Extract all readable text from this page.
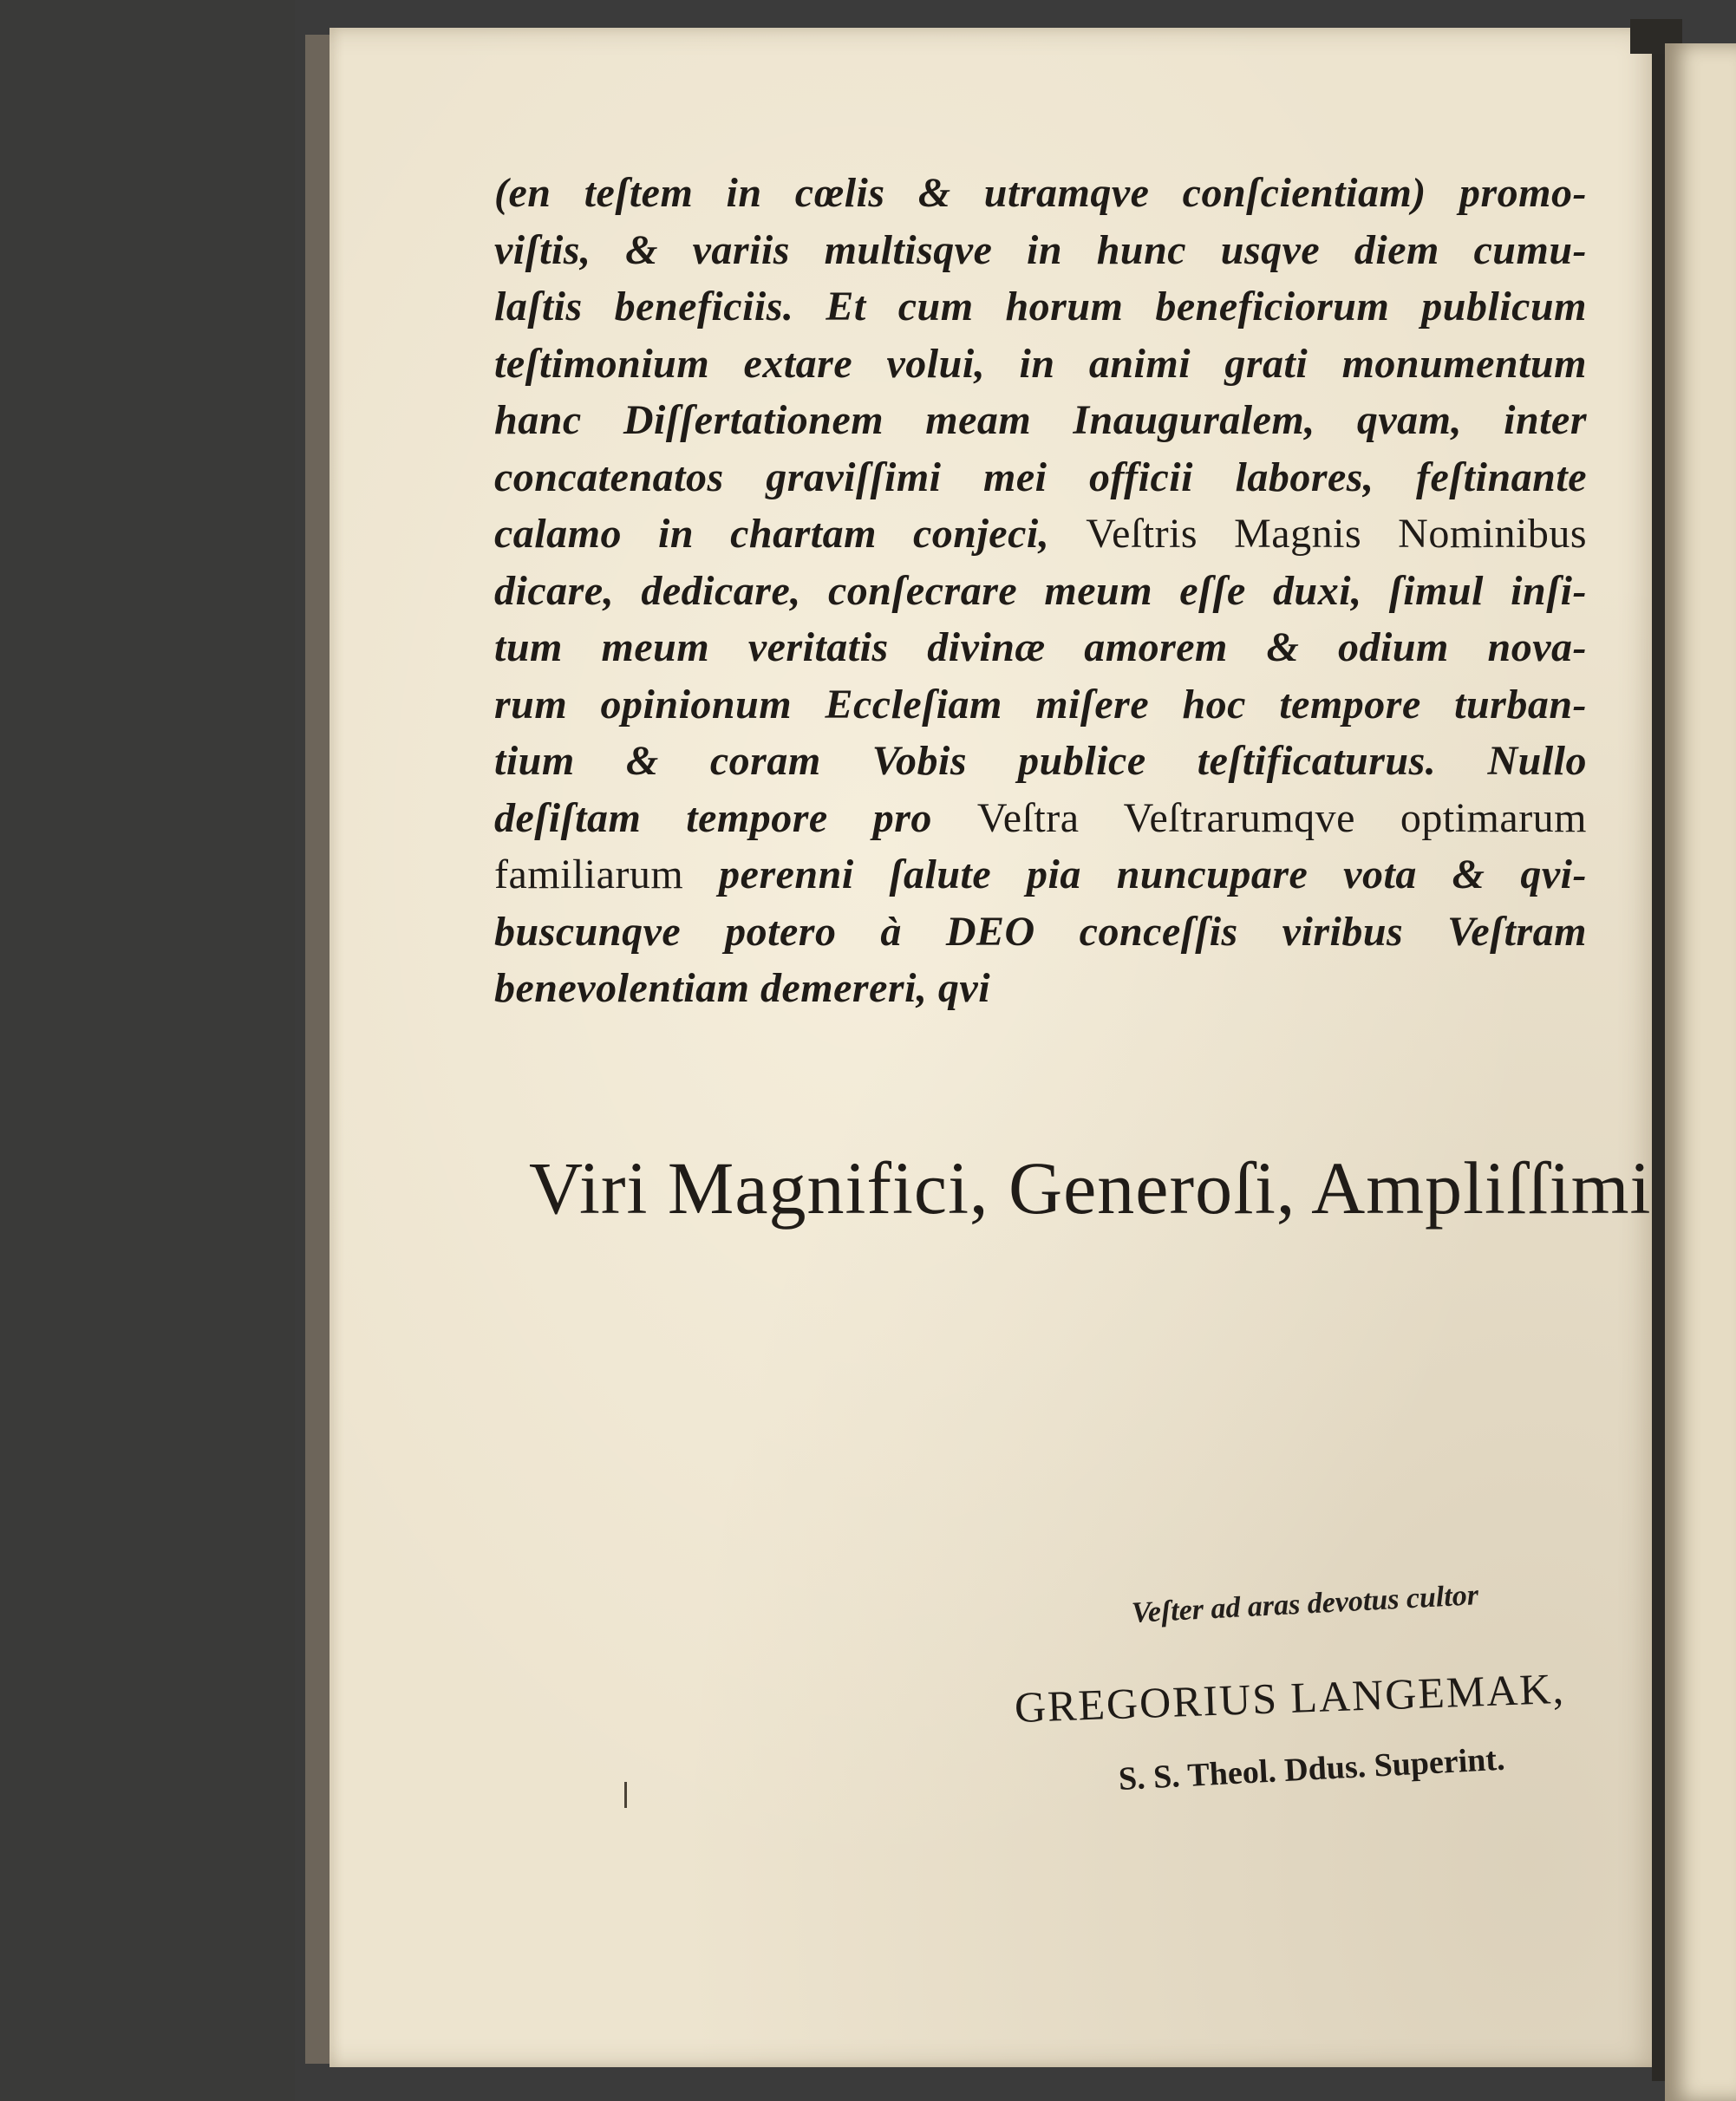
(en teſtem in cœlis & utramqve conſcientiam) promo-
viſtis, & variis multisqve in hunc usqve diem cumu-
laſtis beneficiis. Et cum horum beneficiorum publicum
teſtimonium extare volui, in animi grati monumentum
hanc Diſſertationem meam Inauguralem, qvam, inter
concatenatos graviſſimi mei officii labores, feſtinante
calamo in chartam conjeci, Veſtris Magnis Nominibus
dicare, dedicare, conſecrare meum eſſe duxi, ſimul inſi-
tum meum veritatis divinæ amorem & odium nova-
rum opinionum Eccleſiam miſere hoc tempore turban-
tium & coram Vobis publice teſtificaturus. Nullo
deſiſtam tempore pro Veſtra Veſtrarumqve optimarum
familiarum perenni ſalute pia nuncupare vota & qvi-
buscunqve potero à DEO conceſſis viribus Veſtram
benevolentiam demereri, qvi
Viri Magnifici, Generoſi, Ampliſſimi
Veſter ad aras devotus cultor
GREGORIUS LANGEMAK,
S. S. Theol. Ddus. Superint.
